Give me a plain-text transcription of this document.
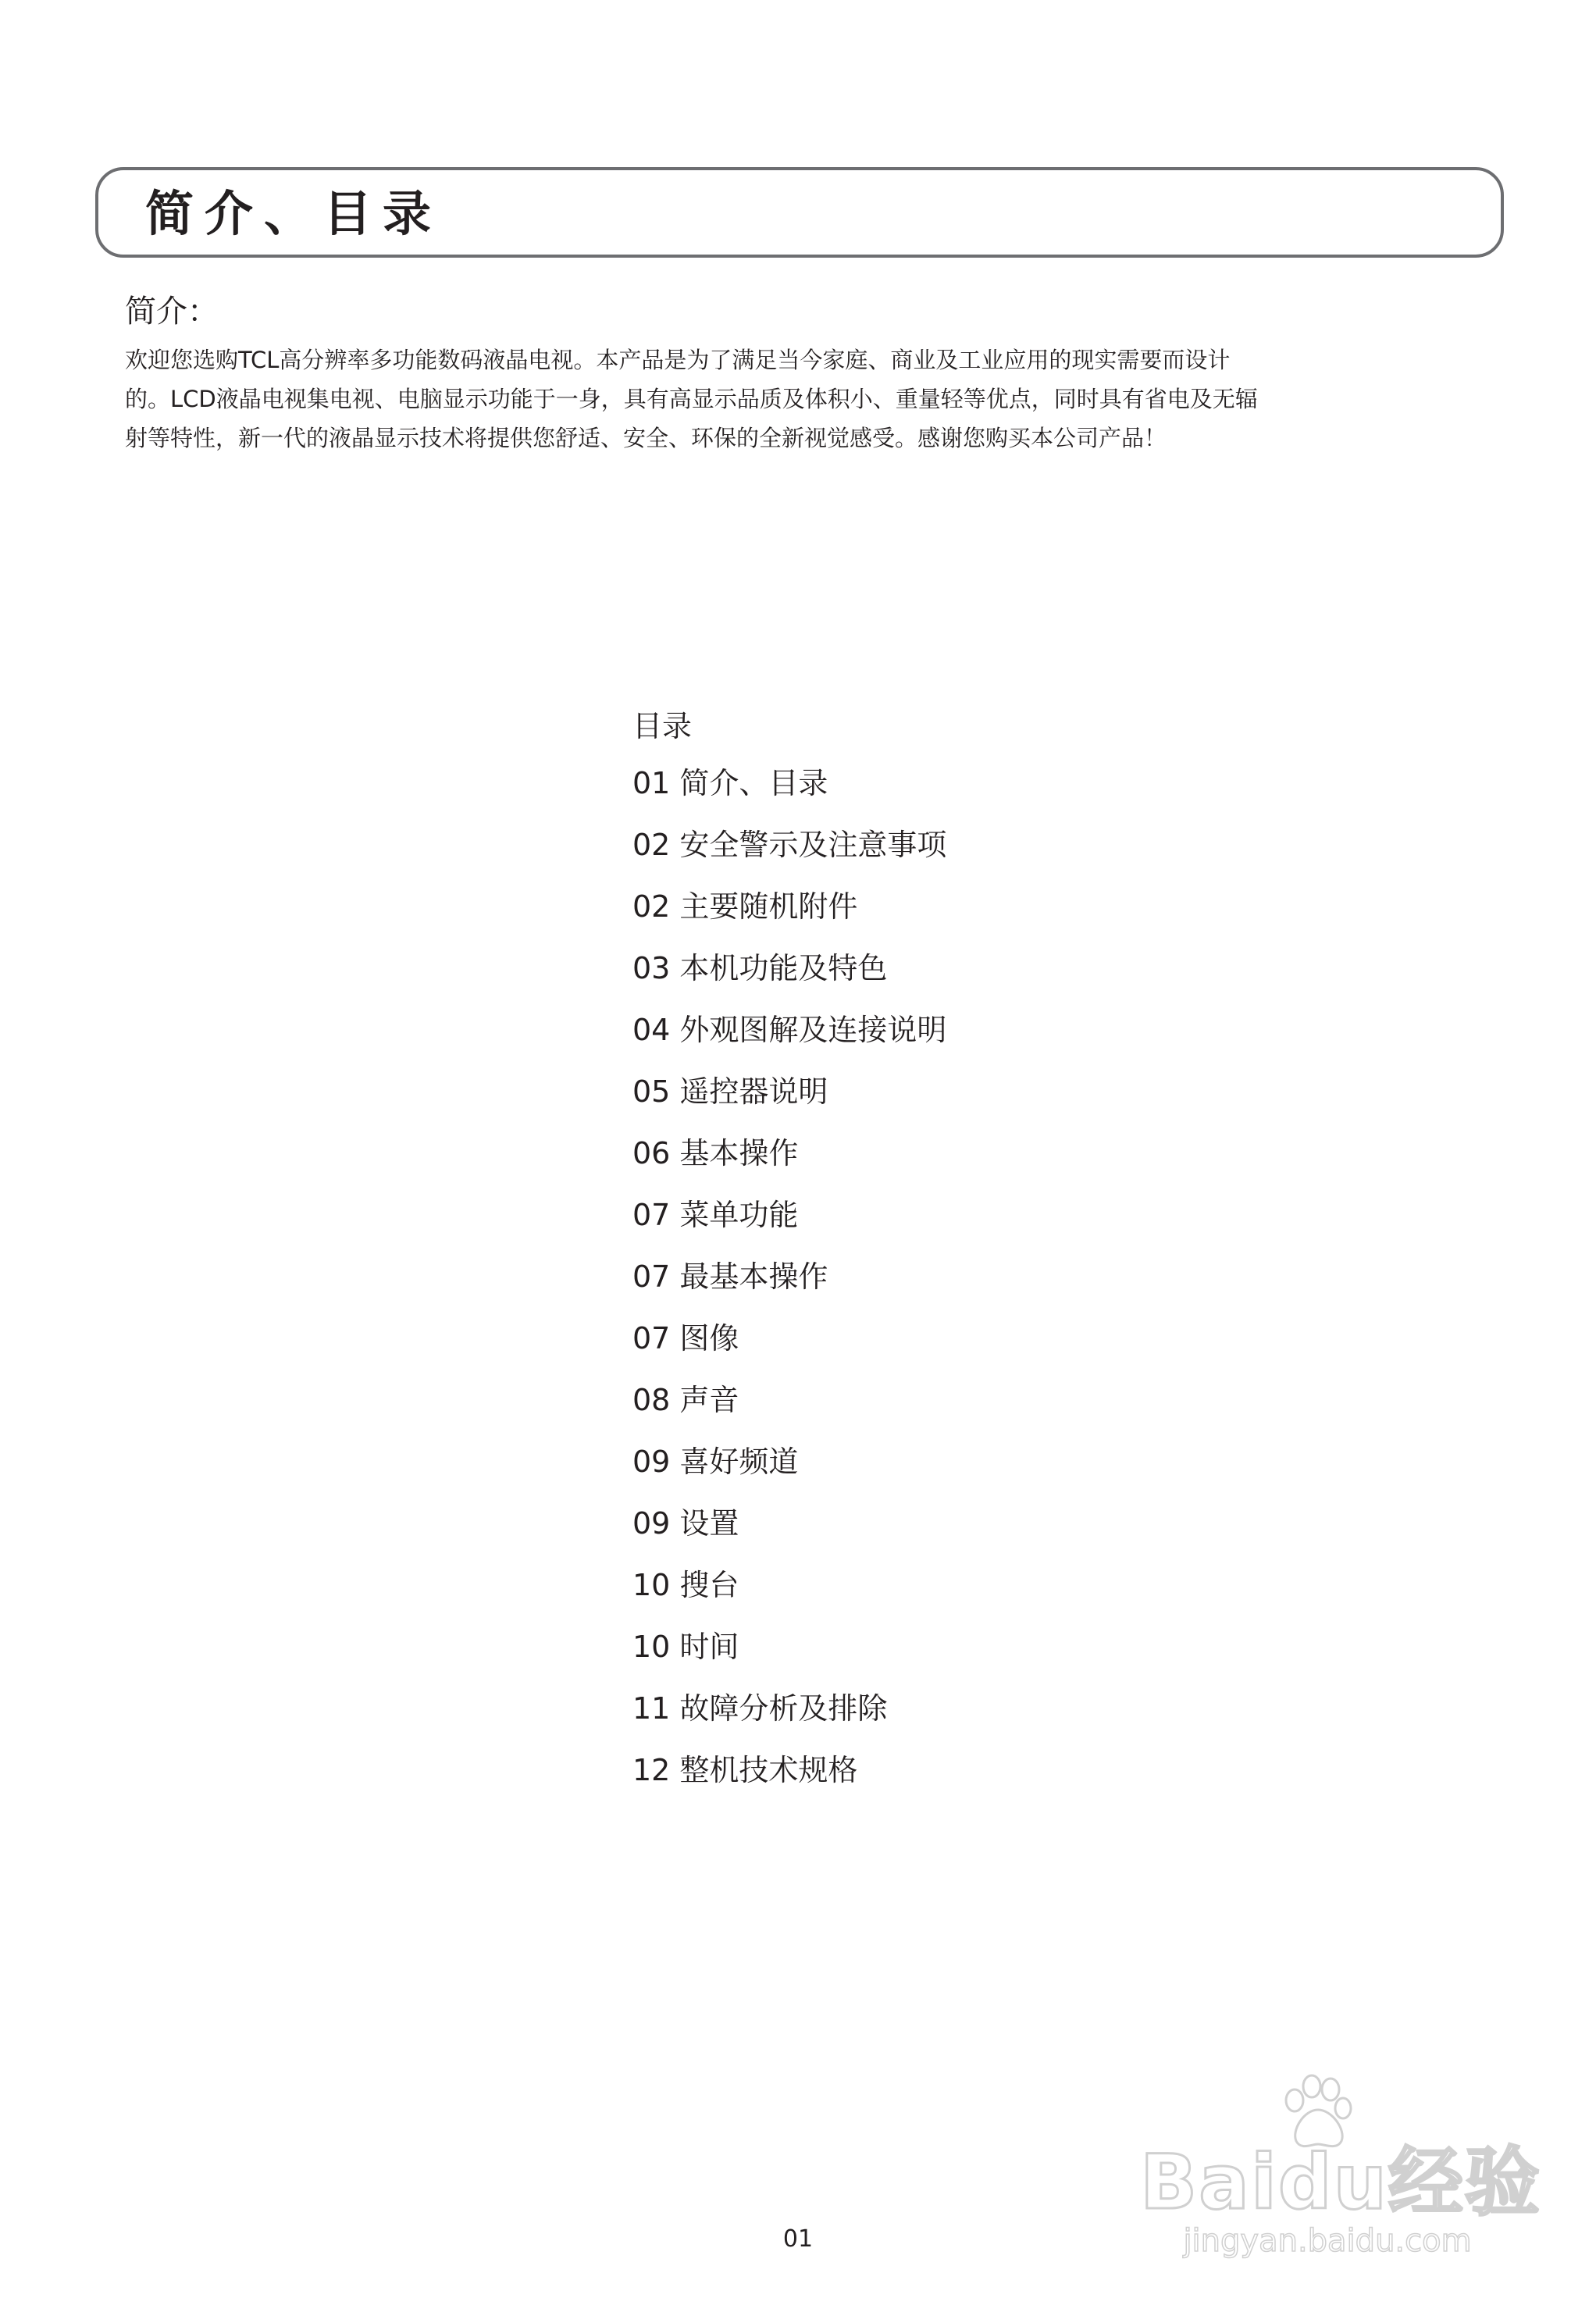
简介、目录
简介：

欢迎您选购TCL高分辨率多功能数码液晶电视。本产品是为了满足当今家庭、商业及工业应用的现实需要而设计
的。LCD液晶电视集电视、电脑显示功能于一身，具有高显示品质及体积小、重量轻等优点，同时具有省电及无辐
射等特性，新一代的液晶显示技术将提供您舒适、安全、环保的全新视觉感受。感谢您购买本公司产品！

目录
01 简介、目录
02 安全警示及注意事项
02 主要随机附件
03 本机功能及特色
04 外观图解及连接说明
05 遥控器说明
06 基本操作
07 菜单功能
07 最基本操作
07 图像
08 声音
09 喜好频道
09 设置
10 搜台
10 时间
11 故障分析及排除
12 整机技术规格
Baidu经验
jingyan.baidu.com
01
